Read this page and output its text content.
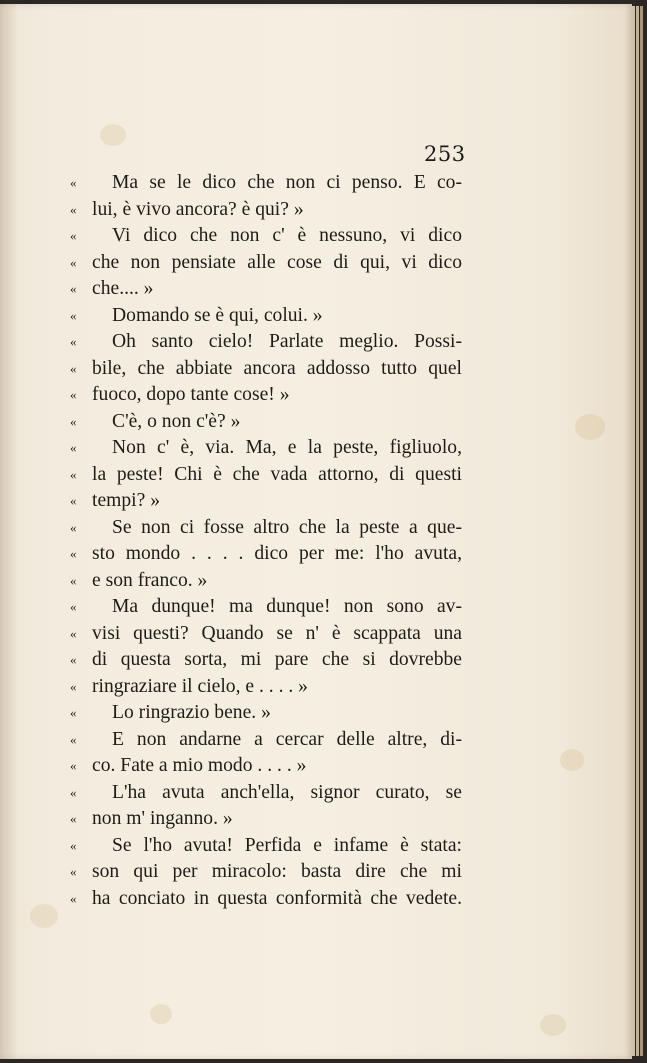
253
«	Ma se le dico che non ci penso. E co-
« lui, è vivo ancora? è qui? »
«	Vi dico che non c' è nessuno, vi dico
« che non pensiate alle cose di qui, vi dico
« che.... »
«	Domando se è qui, colui. »
«	Oh santo cielo! Parlate meglio. Possi-
« bile, che abbiate ancora addosso tutto quel
« fuoco, dopo tante cose! »
«	C'è, o non c'è? »
«	Non c' è, via. Ma, e la peste, figliuolo,
« la peste! Chi è che vada attorno, di questi
« tempi? »
«	Se non ci fosse altro che la peste a que-
« sto mondo . . . . dico per me: l'ho avuta,
« e son franco. »
«	Ma dunque! ma dunque! non sono av-
« visi questi? Quando se n' è scappata una
« di questa sorta, mi pare che si dovrebbe
« ringraziare il cielo, e . . . . »
«	Lo ringrazio bene. »
«	E non andarne a cercar delle altre, di-
« co. Fate a mio modo . . . . »
«	L'ha avuta anch'ella, signor curato, se
« non m' inganno. »
«	Se l'ho avuta! Perfida e infame è stata:
« son qui per miracolo: basta dire che mi
« ha conciato in questa conformità che vedete.
